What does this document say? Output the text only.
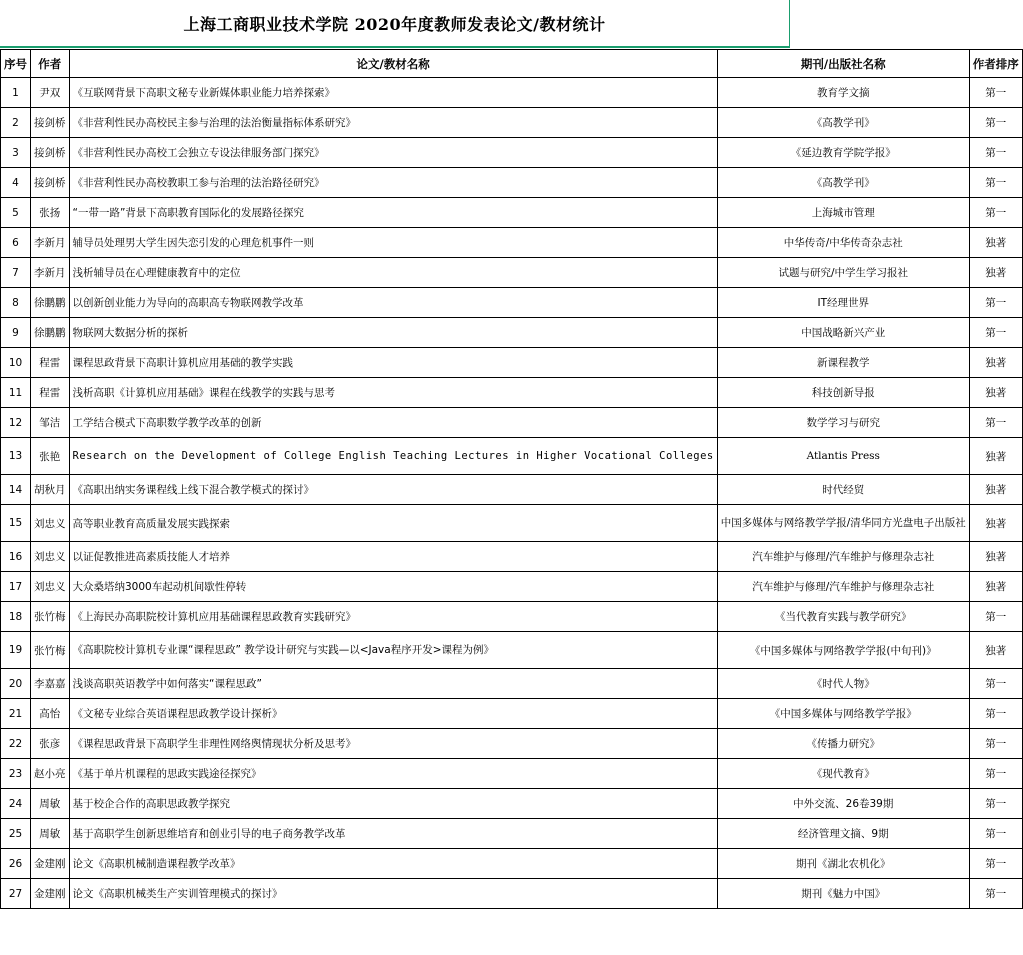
上海工商职业技术学院 2020年度教师发表论文/教材统计
序号	作者	论文/教材名称	期刊/出版社名称	作者排序
1	尹双	《互联网背景下高职文秘专业新媒体职业能力培养探索》	教育学文摘	第一
2	接剑桥	《非营利性民办高校民主参与治理的法治衡量指标体系研究》	《高教学刊》	第一
3	接剑桥	《非营利性民办高校工会独立专设法律服务部门探究》	《延边教育学院学报》	第一
4	接剑桥	《非营利性民办高校教职工参与治理的法治路径研究》	《高教学刊》	第一
5	张扬	“一带一路”背景下高职教育国际化的发展路径探究	上海城市管理	第一
6	李新月	辅导员处理男大学生因失恋引发的心理危机事件一则	中华传奇/中华传奇杂志社	独著
7	李新月	浅析辅导员在心理健康教育中的定位	试题与研究/中学生学习报社	独著
8	徐鹏鹏	以创新创业能力为导向的高职高专物联网教学改革	IT经理世界	第一
9	徐鹏鹏	物联网大数据分析的探析	中国战略新兴产业	第一
10	程雷	课程思政背景下高职计算机应用基础的教学实践	新课程教学	独著
11	程雷	浅析高职《计算机应用基础》课程在线教学的实践与思考	科技创新导报	独著
12	邹洁	工学结合模式下高职数学教学改革的创新	数学学习与研究	第一
13	张艳	Research on the Development of College English Teaching Lectures in Higher Vocational Colleges	Atlantis Press	独著
14	胡秋月	《高职出纳实务课程线上线下混合教学模式的探讨》	时代经贸	独著
15	刘忠义	高等职业教育高质量发展实践探索	中国多媒体与网络教学学报/清华同方光盘电子出版社	独著
16	刘忠义	以证促教推进高素质技能人才培养	汽车维护与修理/汽车维护与修理杂志社	独著
17	刘忠义	大众桑塔纳3000车起动机间歇性停转	汽车维护与修理/汽车维护与修理杂志社	独著
18	张竹梅	《上海民办高职院校计算机应用基础课程思政教育实践研究》	《当代教育实践与教学研究》	第一
19	张竹梅	《高职院校计算机专业课“课程思政” 教学设计研究与实践—以<Java程序开发>课程为例》	《中国多媒体与网络教学学报(中旬刊)》	独著
20	李嘉嘉	浅谈高职英语教学中如何落实“课程思政”	《时代人物》	第一
21	高怡	《文秘专业综合英语课程思政教学设计探析》	《中国多媒体与网络教学学报》	第一
22	张彦	《课程思政背景下高职学生非理性网络舆情现状分析及思考》	《传播力研究》	第一
23	赵小亮	《基于单片机课程的思政实践途径探究》	《现代教育》	第一
24	周敏	基于校企合作的高职思政教学探究	中外交流、26卷39期	第一
25	周敏	基于高职学生创新思维培育和创业引导的电子商务教学改革	经济管理文摘、9期	第一
26	金建刚	论文《高职机械制造课程教学改革》	期刊《湖北农机化》	第一
27	金建刚	论文《高职机械类生产实训管理模式的探讨》	期刊《魅力中国》	第一
